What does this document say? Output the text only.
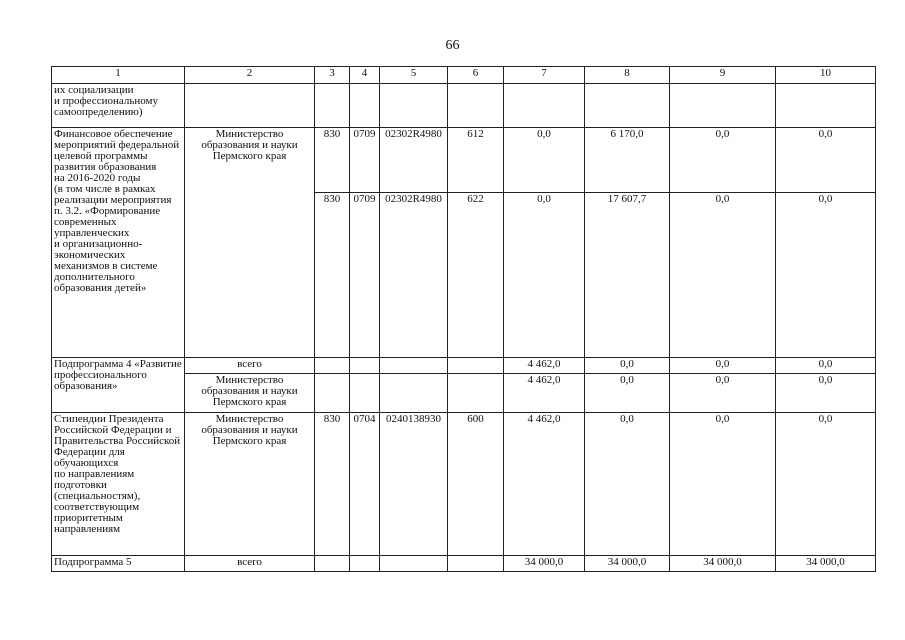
66
1	2	3	4	5	6	7	8	9	10
их социализации
и профессиональному самоопределению)									
Финансовое обеспечение мероприятий федеральной целевой программы развития образования
на 2016-2020 годы
(в том числе в рамках реализации мероприятия п. 3.2. «Формирование современных управленческих
и организационно-экономических механизмов в системе дополнительного образования детей»	Министерство образования и науки Пермского края	830	0709	02302R4980	612	0,0	6 170,0	0,0	0,0
		830	0709	02302R4980	622	0,0	17 607,7	0,0	0,0
Подпрограмма 4 «Развитие профессионального образования»	всего					4 462,0	0,0	0,0	0,0
	Министерство образования и науки Пермского края					4 462,0	0,0	0,0	0,0
Стипендии Президента Российской Федерации и Правительства Российской Федерации для обучающихся
по направлениям подготовки (специальностям), соответствующим приоритетным направлениям	Министерство образования и науки Пермского края	830	0704	0240138930	600	4 462,0	0,0	0,0	0,0
Подпрограмма 5	всего					34 000,0	34 000,0	34 000,0	34 000,0
